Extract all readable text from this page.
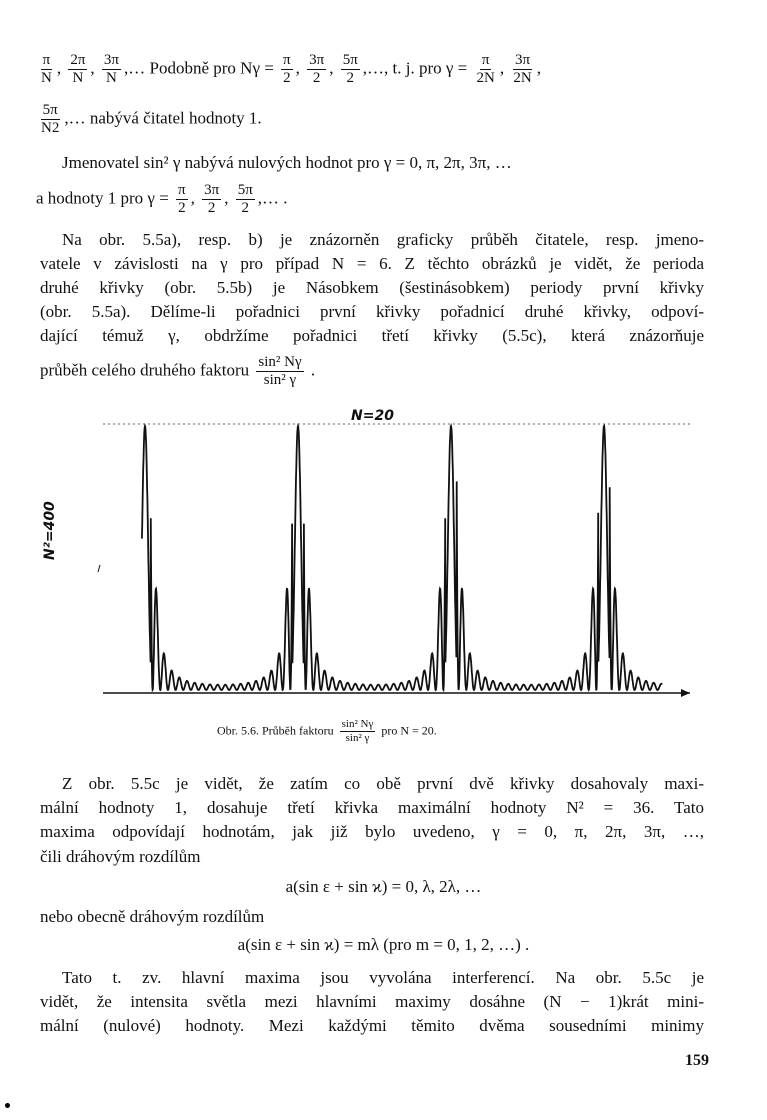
$\frac{\pi}{N}$ , $\frac{2\pi}{N}$ , $\frac{3\pi}{N}$ ,… Podobně pro $N\gamma = \frac{\pi}{2}$ , $\frac{3\pi}{2}$ , $\frac{5\pi}{2}$ ,…, t. j. pro $\gamma = \frac{\pi}{2N}$ , $\frac{3\pi}{2N}$ ,
$\frac{5\pi}{N2}$ ,… nabývá čitatel hodnoty 1.
Jmenovatel sin² γ nabývá nulových hodnot pro γ = 0, π, 2π, 3π, …
a hodnoty 1 pro $\gamma = \frac{\pi}{2}$ , $\frac{3\pi}{2}$ , $\frac{5\pi}{2}$ ,… .
Na obr. 5.5a), resp. b) je znázorněn graficky průběh čitatele, resp. jmeno-
vatele v závislosti na γ pro případ N = 6. Z těchto obrázků je vidět, že perioda
druhé křivky (obr. 5.5b) je Násobkem (šestinásobkem) periody první křivky
(obr. 5.5a). Dělíme-li pořadnici první křivky pořadnicí druhé křivky, odpoví-
dající témuž γ, obdržíme pořadnici třetí křivky (5.5c), která znázorňuje
průběh celého druhého faktoru $\frac{\text{sin² Nγ}}{\text{sin² γ}}$ .
N=20
N²=400
Obr. 5.6. Průběh faktoru $\frac{\text{sin² Nγ}}{\text{sin² γ}}$ pro N = 20.
Z obr. 5.5c je vidět, že zatím co obě první dvě křivky dosahovaly maxi-
mální hodnoty 1, dosahuje třetí křivka maximální hodnoty N² = 36. Tato
maxima odpovídají hodnotám, jak již bylo uvedeno, γ = 0, π, 2π, 3π, …,
čili dráhovým rozdílům
a(sin ε + sin ϰ) = 0, λ, 2λ, …
nebo obecně dráhovým rozdílům
a(sin ε + sin ϰ) = mλ (pro m = 0, 1, 2, …) .
Tato t. zv. hlavní maxima jsou vyvolána interferencí. Na obr. 5.5c je
vidět, že intensita světla mezi hlavními maximy dosáhne (N − 1)krát mini-
mální (nulové) hodnoty. Mezi každými těmito dvěma sousedními minimy
159
